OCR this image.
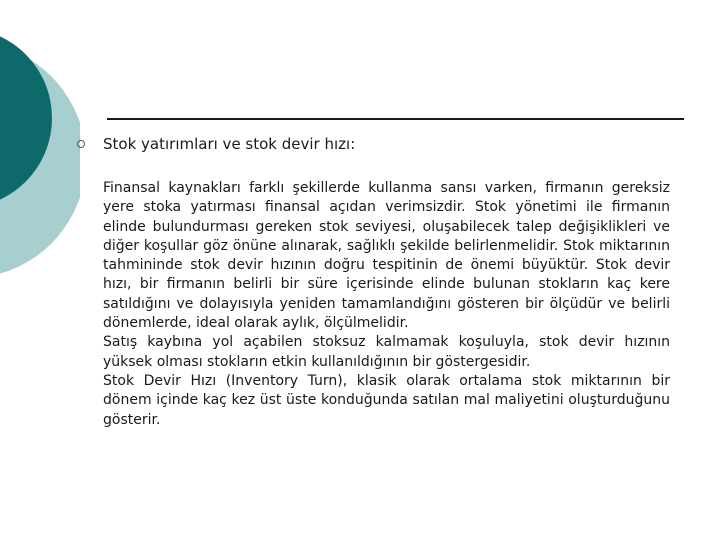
Stok yatırımları ve stok devir hızı:

Finansal kaynakları farklı şekillerde kullanma sansı varken, firmanın gereksiz yere stoka yatırması finansal açıdan verimsizdir. Stok yönetimi ile firmanın elinde bulundurması gereken stok seviyesi, oluşabilecek talep değişiklikleri ve diğer koşullar göz önüne alınarak, sağlıklı şekilde belirlenmelidir. Stok miktarının tahmininde stok devir hızının doğru tespitinin de önemi büyüktür. Stok devir hızı, bir firmanın belirli bir süre içerisinde elinde bulunan stokların kaç kere satıldığını ve dolayısıyla yeniden tamamlandığını gösteren bir ölçüdür ve belirli dönemlerde, ideal olarak aylık, ölçülmelidir.

Satış kaybına yol açabilen stoksuz kalmamak koşuluyla, stok devir hızının yüksek olması stokların etkin kullanıldığının bir göstergesidir.

Stok Devir Hızı (Inventory Turn), klasik olarak ortalama stok miktarının bir dönem içinde kaç kez üst üste konduğunda satılan mal maliyetini oluşturduğunu gösterir.
